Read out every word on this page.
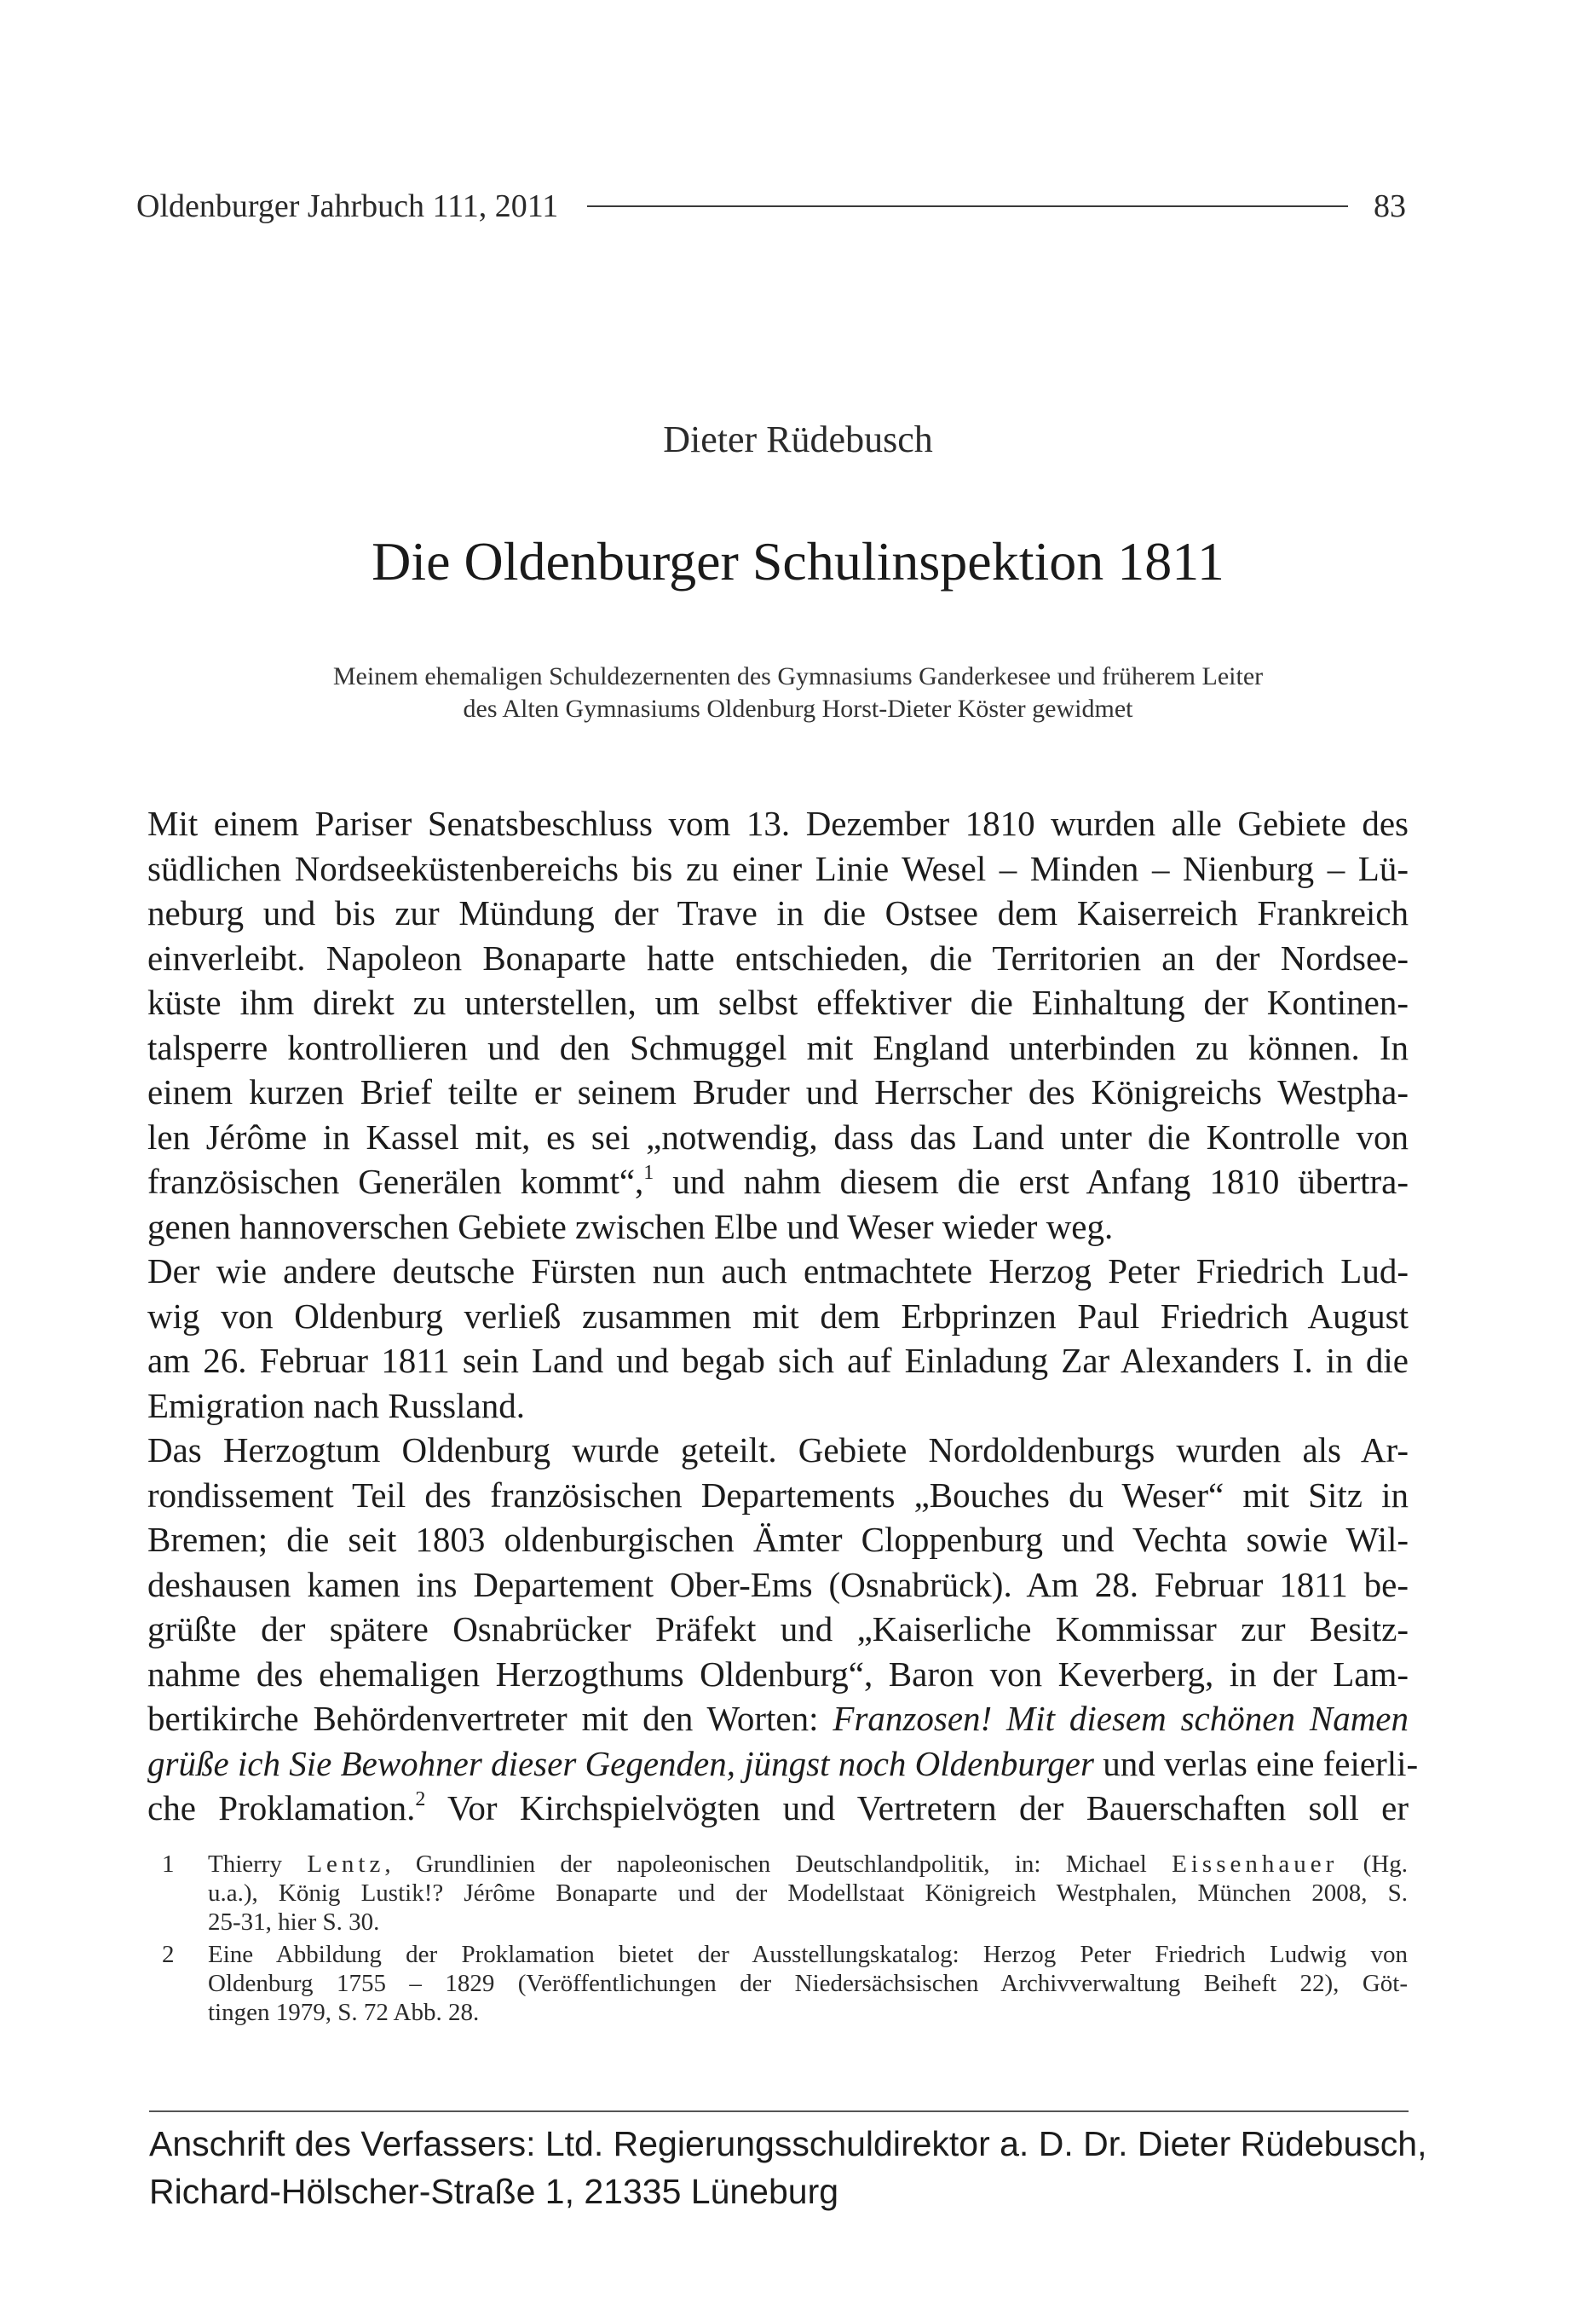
Oldenburger Jahrbuch 111, 2011	83
Dieter Rüdebusch
Die Oldenburger Schulinspektion 1811
Meinem ehemaligen Schuldezernenten des Gymnasiums Ganderkesee und früherem Leiter
des Alten Gymnasiums Oldenburg Horst-Dieter Köster gewidmet
Mit einem Pariser Senatsbeschluss vom 13. Dezember 1810 wurden alle Gebiete des
südlichen Nordseeküstenbereichs bis zu einer Linie Wesel – Minden – Nienburg – Lü-
neburg und bis zur Mündung der Trave in die Ostsee dem Kaiserreich Frankreich
einverleibt. Napoleon Bonaparte hatte entschieden, die Territorien an der Nordsee-
küste ihm direkt zu unterstellen, um selbst effektiver die Einhaltung der Kontinen-
talsperre kontrollieren und den Schmuggel mit England unterbinden zu können. In
einem kurzen Brief teilte er seinem Bruder und Herrscher des Königreichs Westpha-
len Jérôme in Kassel mit, es sei „notwendig, dass das Land unter die Kontrolle von
französischen Generälen kommt“,$^1$ und nahm diesem die erst Anfang 1810 übertra-
genen hannoverschen Gebiete zwischen Elbe und Weser wieder weg.
Der wie andere deutsche Fürsten nun auch entmachtete Herzog Peter Friedrich Lud-
wig von Oldenburg verließ zusammen mit dem Erbprinzen Paul Friedrich August
am 26. Februar 1811 sein Land und begab sich auf Einladung Zar Alexanders I. in die
Emigration nach Russland.
Das Herzogtum Oldenburg wurde geteilt. Gebiete Nordoldenburgs wurden als Ar-
rondissement Teil des französischen Departements „Bouches du Weser“ mit Sitz in
Bremen; die seit 1803 oldenburgischen Ämter Cloppenburg und Vechta sowie Wil-
deshausen kamen ins Departement Ober-Ems (Osnabrück). Am 28. Februar 1811 be-
grüßte der spätere Osnabrücker Präfekt und „Kaiserliche Kommissar zur Besitz-
nahme des ehemaligen Herzogthums Oldenburg“, Baron von Keverberg, in der Lam-
bertikirche Behördenvertreter mit den Worten: Franzosen! Mit diesem schönen Namen
grüße ich Sie Bewohner dieser Gegenden, jüngst noch Oldenburger und verlas eine feierli-
che Proklamation.$^2$ Vor Kirchspielvögten und Vertretern der Bauerschaften soll er
1	Thierry Lentz, Grundlinien der napoleonischen Deutschlandpolitik, in: Michael Eissenhauer (Hg.
u.a.), König Lustik!? Jérôme Bonaparte und der Modellstaat Königreich Westphalen, München 2008, S.
25-31, hier S. 30.
2	Eine Abbildung der Proklamation bietet der Ausstellungskatalog: Herzog Peter Friedrich Ludwig von
Oldenburg 1755 – 1829 (Veröffentlichungen der Niedersächsischen Archivverwaltung Beiheft 22), Göt-
tingen 1979, S. 72 Abb. 28.
Anschrift des Verfassers: Ltd. Regierungsschuldirektor a. D. Dr. Dieter Rüdebusch,
Richard-Hölscher-Straße 1, 21335 Lüneburg
